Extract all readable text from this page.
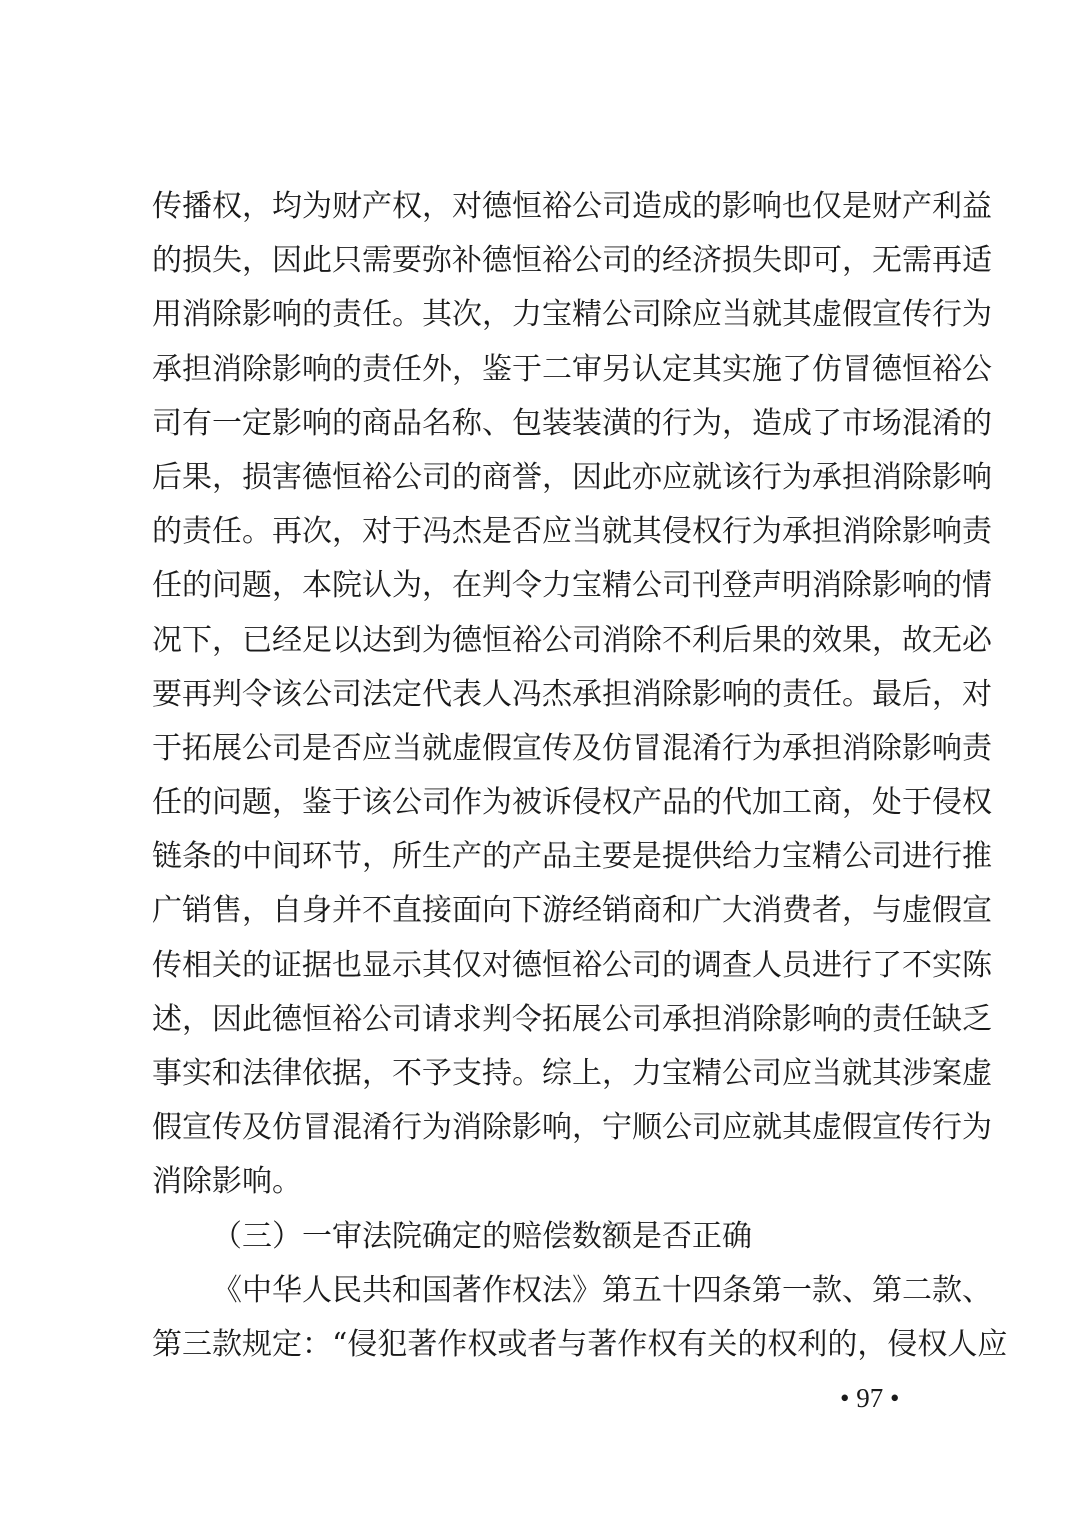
传播权，均为财产权，对德恒裕公司造成的影响也仅是财产利益
的损失，因此只需要弥补德恒裕公司的经济损失即可，无需再适
用消除影响的责任。其次，力宝精公司除应当就其虚假宣传行为
承担消除影响的责任外，鉴于二审另认定其实施了仿冒德恒裕公
司有一定影响的商品名称、包装装潢的行为，造成了市场混淆的
后果，损害德恒裕公司的商誉，因此亦应就该行为承担消除影响
的责任。再次，对于冯杰是否应当就其侵权行为承担消除影响责
任的问题，本院认为，在判令力宝精公司刊登声明消除影响的情
况下，已经足以达到为德恒裕公司消除不利后果的效果，故无必
要再判令该公司法定代表人冯杰承担消除影响的责任。最后，对
于拓展公司是否应当就虚假宣传及仿冒混淆行为承担消除影响责
任的问题，鉴于该公司作为被诉侵权产品的代加工商，处于侵权
链条的中间环节，所生产的产品主要是提供给力宝精公司进行推
广销售，自身并不直接面向下游经销商和广大消费者，与虚假宣
传相关的证据也显示其仅对德恒裕公司的调查人员进行了不实陈
述，因此德恒裕公司请求判令拓展公司承担消除影响的责任缺乏
事实和法律依据，不予支持。综上，力宝精公司应当就其涉案虚
假宣传及仿冒混淆行为消除影响，宁顺公司应就其虚假宣传行为
消除影响。
（三）一审法院确定的赔偿数额是否正确
《中华人民共和国著作权法》第五十四条第一款、第二款、
第三款规定：“侵犯著作权或者与著作权有关的权利的，侵权人应
• 97 •
